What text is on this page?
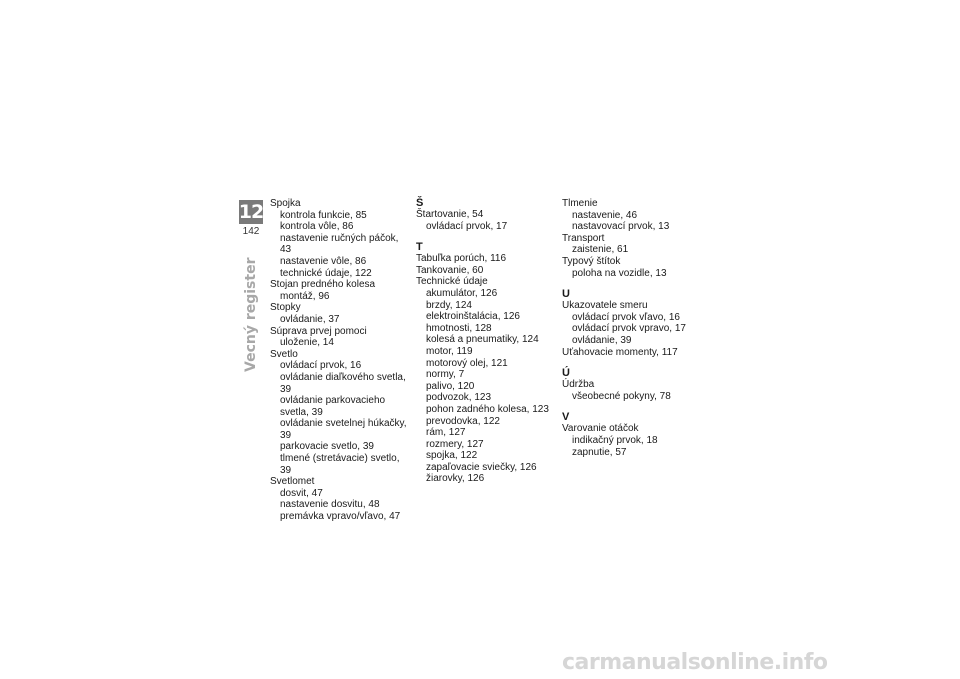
12
142
Vecný register
Spojka
kontrola funkcie, 85
kontrola vôle, 86
nastavenie ručných páčok, 43
nastavenie vôle, 86
technické údaje, 122
Stojan predného kolesa
montáž, 96
Stopky
ovládanie, 37
Súprava prvej pomoci
uloženie, 14
Svetlo
ovládací prvok, 16
ovládanie diaľkového svetla, 39
ovládanie parkovacieho
svetla, 39
ovládanie svetelnej húkačky, 39
parkovacie svetlo, 39
tlmené (stretávacie) svetlo, 39
Svetlomet
dosvit, 47
nastavenie dosvitu, 48
premávka vpravo/vľavo, 47
Š
Štartovanie, 54
ovládací prvok, 17
T
Tabuľka porúch, 116
Tankovanie, 60
Technické údaje
akumulátor, 126
brzdy, 124
elektroinštalácia, 126
hmotnosti, 128
kolesá a pneumatiky, 124
motor, 119
motorový olej, 121
normy, 7
palivo, 120
podvozok, 123
pohon zadného kolesa, 123
prevodovka, 122
rám, 127
rozmery, 127
spojka, 122
zapaľovacie sviečky, 126
žiarovky, 126
Tlmenie
nastavenie, 46
nastavovací prvok, 13
Transport
zaistenie, 61
Typový štítok
poloha na vozidle, 13
U
Ukazovatele smeru
ovládací prvok vľavo, 16
ovládací prvok vpravo, 17
ovládanie, 39
Uťahovacie momenty, 117
Ú
Údržba
všeobecné pokyny, 78
V
Varovanie otáčok
indikačný prvok, 18
zapnutie, 57
carmanualsonline.info
